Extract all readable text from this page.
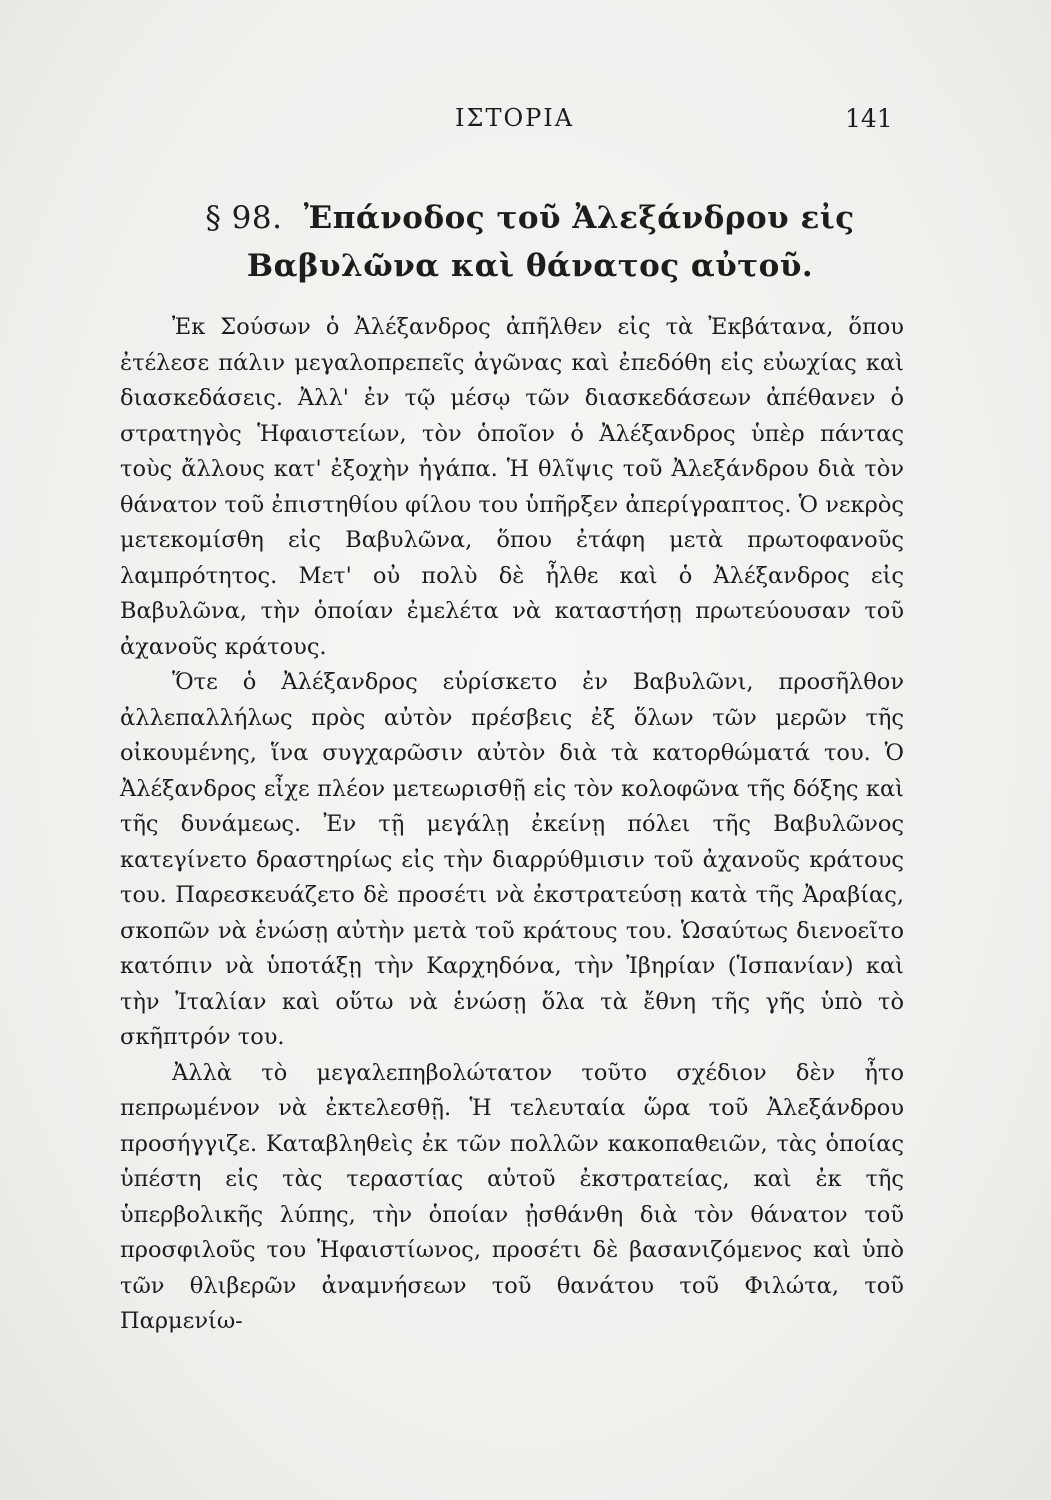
ΙΣΤΟΡΙΑ	141
§ 98. Ἐπάνοδος τοῦ Ἀλεξάνδρου εἰς Βαβυλῶνα καὶ θάνατος αὐτοῦ.

Ἐκ Σούσων ὁ Ἀλέξανδρος ἀπῆλθεν εἰς τὰ Ἐκβάτανα, ὅπου ἐτέλεσε πάλιν μεγαλοπρεπεῖς ἀγῶνας καὶ ἐπεδόθη εἰς εὐωχίας καὶ διασκεδάσεις. Ἀλλ' ἐν τῷ μέσῳ τῶν διασκεδάσεων ἀπέθανεν ὁ στρατηγὸς Ἡφαιστείων, τὸν ὁποῖον ὁ Ἀλέξανδρος ὑπὲρ πάντας τοὺς ἄλλους κατ' ἐξοχὴν ἠγάπα. Ἡ θλῖψις τοῦ Ἀλεξάνδρου διὰ τὸν θάνατον τοῦ ἐπιστηθίου φίλου του ὑπῆρξεν ἀπερίγραπτος. Ὁ νεκρὸς μετεκομίσθη εἰς Βαβυλῶνα, ὅπου ἐτάφη μετὰ πρωτοφανοῦς λαμπρότητος. Μετ' οὐ πολὺ δὲ ἦλθε καὶ ὁ Ἀλέξανδρος εἰς Βαβυλῶνα, τὴν ὁποίαν ἐμελέτα νὰ καταστήσῃ πρωτεύουσαν τοῦ ἀχανοῦς κράτους.

Ὅτε ὁ Ἀλέξανδρος εὑρίσκετο ἐν Βαβυλῶνι, προσῆλθον ἀλλεπαλλήλως πρὸς αὐτὸν πρέσβεις ἐξ ὅλων τῶν μερῶν τῆς οἰκουμένης, ἵνα συγχαρῶσιν αὐτὸν διὰ τὰ κατορθώματά του. Ὁ Ἀλέξανδρος εἶχε πλέον μετεωρισθῇ εἰς τὸν κολοφῶνα τῆς δόξης καὶ τῆς δυνάμεως. Ἐν τῇ μεγάλῃ ἐκείνῃ πόλει τῆς Βαβυλῶνος κατεγίνετο δραστηρίως εἰς τὴν διαρρύθμισιν τοῦ ἀχανοῦς κράτους του. Παρεσκευάζετο δὲ προσέτι νὰ ἐκστρατεύσῃ κατὰ τῆς Ἀραβίας, σκοπῶν νὰ ἑνώσῃ αὐτὴν μετὰ τοῦ κράτους του. Ὡσαύτως διενοεῖτο κατόπιν νὰ ὑποτάξῃ τὴν Καρχηδόνα, τὴν Ἰβηρίαν (Ἱσπανίαν) καὶ τὴν Ἰταλίαν καὶ οὕτω νὰ ἑνώσῃ ὅλα τὰ ἔθνη τῆς γῆς ὑπὸ τὸ σκῆπτρόν του.

Ἀλλὰ τὸ μεγαλεπηβολώτατον τοῦτο σχέδιον δὲν ἦτο πεπρωμένον νὰ ἐκτελεσθῇ. Ἡ τελευταία ὥρα τοῦ Ἀλεξάνδρου προσήγγιζε. Καταβληθεὶς ἐκ τῶν πολλῶν κακοπαθειῶν, τὰς ὁποίας ὑπέστη εἰς τὰς τεραστίας αὐτοῦ ἐκστρατείας, καὶ ἐκ τῆς ὑπερβολικῆς λύπης, τὴν ὁποίαν ᾐσθάνθη διὰ τὸν θάνατον τοῦ προσφιλοῦς του Ἡφαιστίωνος, προσέτι δὲ βασανιζόμενος καὶ ὑπὸ τῶν θλιβερῶν ἀναμνήσεων τοῦ θανάτου τοῦ Φιλώτα, τοῦ Παρμενίω-
